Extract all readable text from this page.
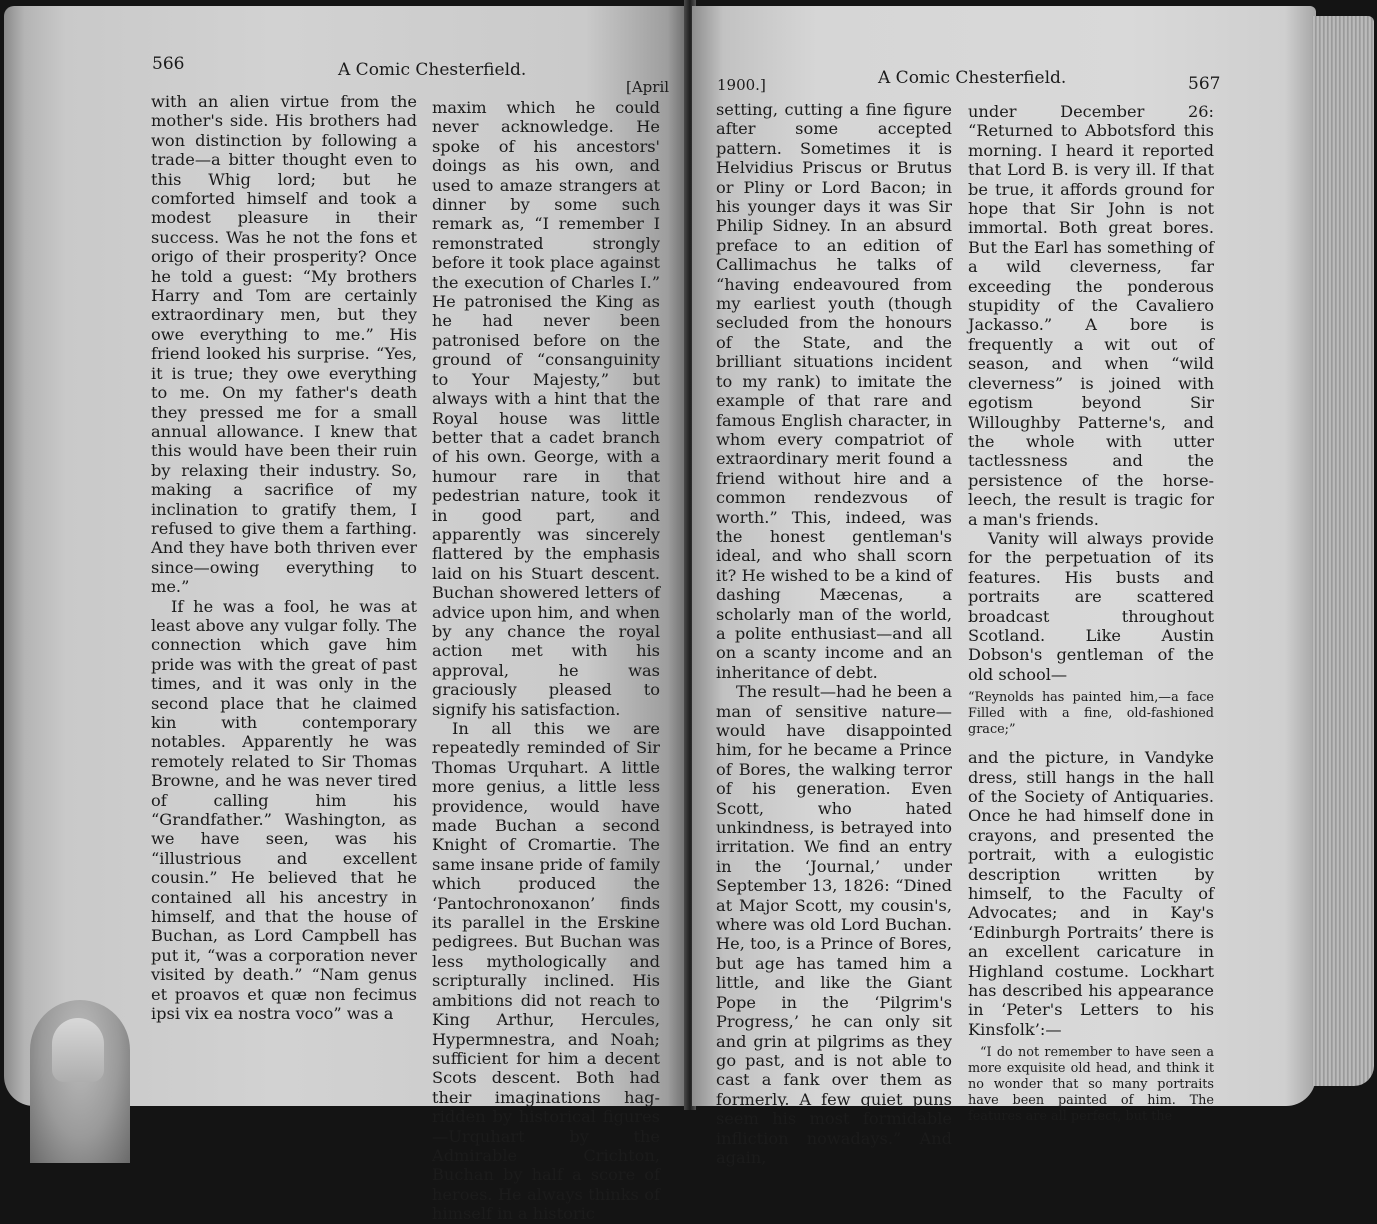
566	A Comic Chesterfield.
[April

with an alien virtue from the mother's side. His brothers had won distinction by following a trade—a bitter thought even to this Whig lord; but he comforted himself and took a modest pleasure in their success. Was he not the fons et origo of their prosperity? Once he told a guest: “My brothers Harry and Tom are certainly extraordinary men, but they owe everything to me.” His friend looked his surprise. “Yes, it is true; they owe everything to me. On my father's death they pressed me for a small annual allowance. I knew that this would have been their ruin by relaxing their industry. So, making a sacrifice of my inclination to gratify them, I refused to give them a farthing. And they have both thriven ever since—owing everything to me.”

If he was a fool, he was at least above any vulgar folly. The connection which gave him pride was with the great of past times, and it was only in the second place that he claimed kin with contemporary notables. Apparently he was remotely related to Sir Thomas Browne, and he was never tired of calling him his “Grandfather.” Washington, as we have seen, was his “illustrious and excellent cousin.” He believed that he contained all his ancestry in himself, and that the house of Buchan, as Lord Campbell has put it, “was a corporation never visited by death.” “Nam genus et proavos et quæ non fecimus ipsi vix ea nostra voco” was a

maxim which he could never acknowledge. He spoke of his ancestors' doings as his own, and used to amaze strangers at dinner by some such remark as, “I remember I remonstrated strongly before it took place against the execution of Charles I.” He patronised the King as he had never been patronised before on the ground of “consanguinity to Your Majesty,” but always with a hint that the Royal house was little better that a cadet branch of his own. George, with a humour rare in that pedestrian nature, took it in good part, and apparently was sincerely flattered by the emphasis laid on his Stuart descent. Buchan showered letters of advice upon him, and when by any chance the royal action met with his approval, he was graciously pleased to signify his satisfaction.

In all this we are repeatedly reminded of Sir Thomas Urquhart. A little more genius, a little less providence, would have made Buchan a second Knight of Cromartie. The same insane pride of family which produced the ‘Pantochronoxanon’ finds its parallel in the Erskine pedigrees. But Buchan was less mythologically and scripturally inclined. His ambitions did not reach to King Arthur, Hercules, Hypermnestra, and Noah; sufficient for him a decent Scots descent. Both had their imaginations hag-ridden by historical figures—Urquhart by the Admirable Crichton, Buchan by half a score of heroes. He always thinks of himself in a historic

1900.]	A Comic Chesterfield.	567

setting, cutting a fine figure after some accepted pattern. Sometimes it is Helvidius Priscus or Brutus or Pliny or Lord Bacon; in his younger days it was Sir Philip Sidney. In an absurd preface to an edition of Callimachus he talks of “having endeavoured from my earliest youth (though secluded from the honours of the State, and the brilliant situations incident to my rank) to imitate the example of that rare and famous English character, in whom every compatriot of extraordinary merit found a friend without hire and a common rendezvous of worth.” This, indeed, was the honest gentleman's ideal, and who shall scorn it? He wished to be a kind of dashing Mæcenas, a scholarly man of the world, a polite enthusiast—and all on a scanty income and an inheritance of debt.

The result—had he been a man of sensitive nature—would have disappointed him, for he became a Prince of Bores, the walking terror of his generation. Even Scott, who hated unkindness, is betrayed into irritation. We find an entry in the ‘Journal,’ under September 13, 1826: “Dined at Major Scott, my cousin's, where was old Lord Buchan. He, too, is a Prince of Bores, but age has tamed him a little, and like the Giant Pope in the ‘Pilgrim's Progress,’ he can only sit and grin at pilgrims as they go past, and is not able to cast a fank over them as formerly. A few quiet puns seem his most formidable infliction nowadays.” And again,

under December 26: “Returned to Abbotsford this morning. I heard it reported that Lord B. is very ill. If that be true, it affords ground for hope that Sir John is not immortal. Both great bores. But the Earl has something of a wild cleverness, far exceeding the ponderous stupidity of the Cavaliero Jackasso.” A bore is frequently a wit out of season, and when “wild cleverness” is joined with egotism beyond Sir Willoughby Patterne's, and the whole with utter tactlessness and the persistence of the horse-leech, the result is tragic for a man's friends.

Vanity will always provide for the perpetuation of its features. His busts and portraits are scattered broadcast throughout Scotland. Like Austin Dobson's gentleman of the old school—

“Reynolds has painted him,—a face Filled with a fine, old-fashioned grace;”

and the picture, in Vandyke dress, still hangs in the hall of the Society of Antiquaries. Once he had himself done in crayons, and presented the portrait, with a eulogistic description written by himself, to the Faculty of Advocates; and in Kay's ‘Edinburgh Portraits’ there is an excellent caricature in Highland costume. Lockhart has described his appearance in ‘Peter's Letters to his Kinsfolk’:—

“I do not remember to have seen a more exquisite old head, and think it no wonder that so many portraits have been painted of him. The features are all perfect, but the
